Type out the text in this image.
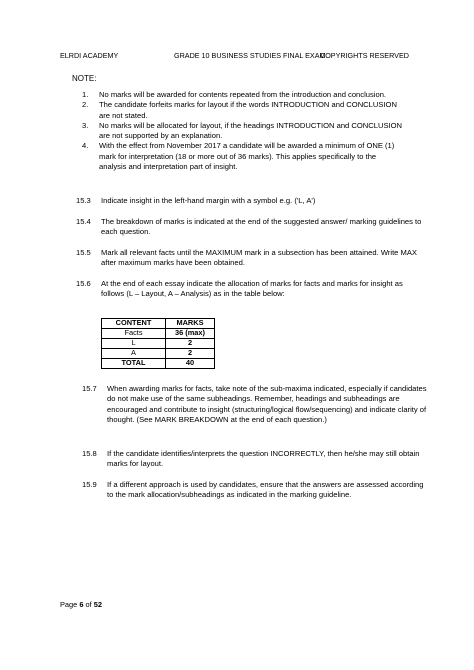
ELRDI ACADEMY	GRADE 10 BUSINESS STUDIES FINAL EXAM
COPYRIGHTS RESERVED
NOTE:
1. No marks will be awarded for contents repeated from the introduction and conclusion.
2. The candidate forfeits marks for layout if the words INTRODUCTION and CONCLUSION are not stated.
3. No marks will be allocated for layout, if the headings INTRODUCTION and CONCLUSION are not supported by an explanation.
4. With the effect from November 2017 a candidate will be awarded a minimum of ONE (1) mark for interpretation (18 or more out of 36 marks). This applies specifically to the analysis and interpretation part of insight.
15.3 Indicate insight in the left-hand margin with a symbol e.g. ('L, A')
15.4 The breakdown of marks is indicated at the end of the suggested answer/ marking guidelines to each question.
15.5 Mark all relevant facts until the MAXIMUM mark in a subsection has been attained. Write MAX after maximum marks have been obtained.
15.6 At the end of each essay indicate the allocation of marks for facts and marks for insight as follows (L – Layout, A – Analysis) as in the table below:
CONTENT	MARKS
Facts	36 (max)
L	2
A	2
TOTAL	40
15.7 When awarding marks for facts, take note of the sub-maxima indicated, especially if candidates do not make use of the same subheadings. Remember, headings and subheadings are encouraged and contribute to insight (structuring/logical flow/sequencing) and indicate clarity of thought. (See MARK BREAKDOWN at the end of each question.)
15.8 If the candidate identifies/interprets the question INCORRECTLY, then he/she may still obtain marks for layout.
15.9 If a different approach is used by candidates, ensure that the answers are assessed according to the mark allocation/subheadings as indicated in the marking guideline.
Page 6 of 52
